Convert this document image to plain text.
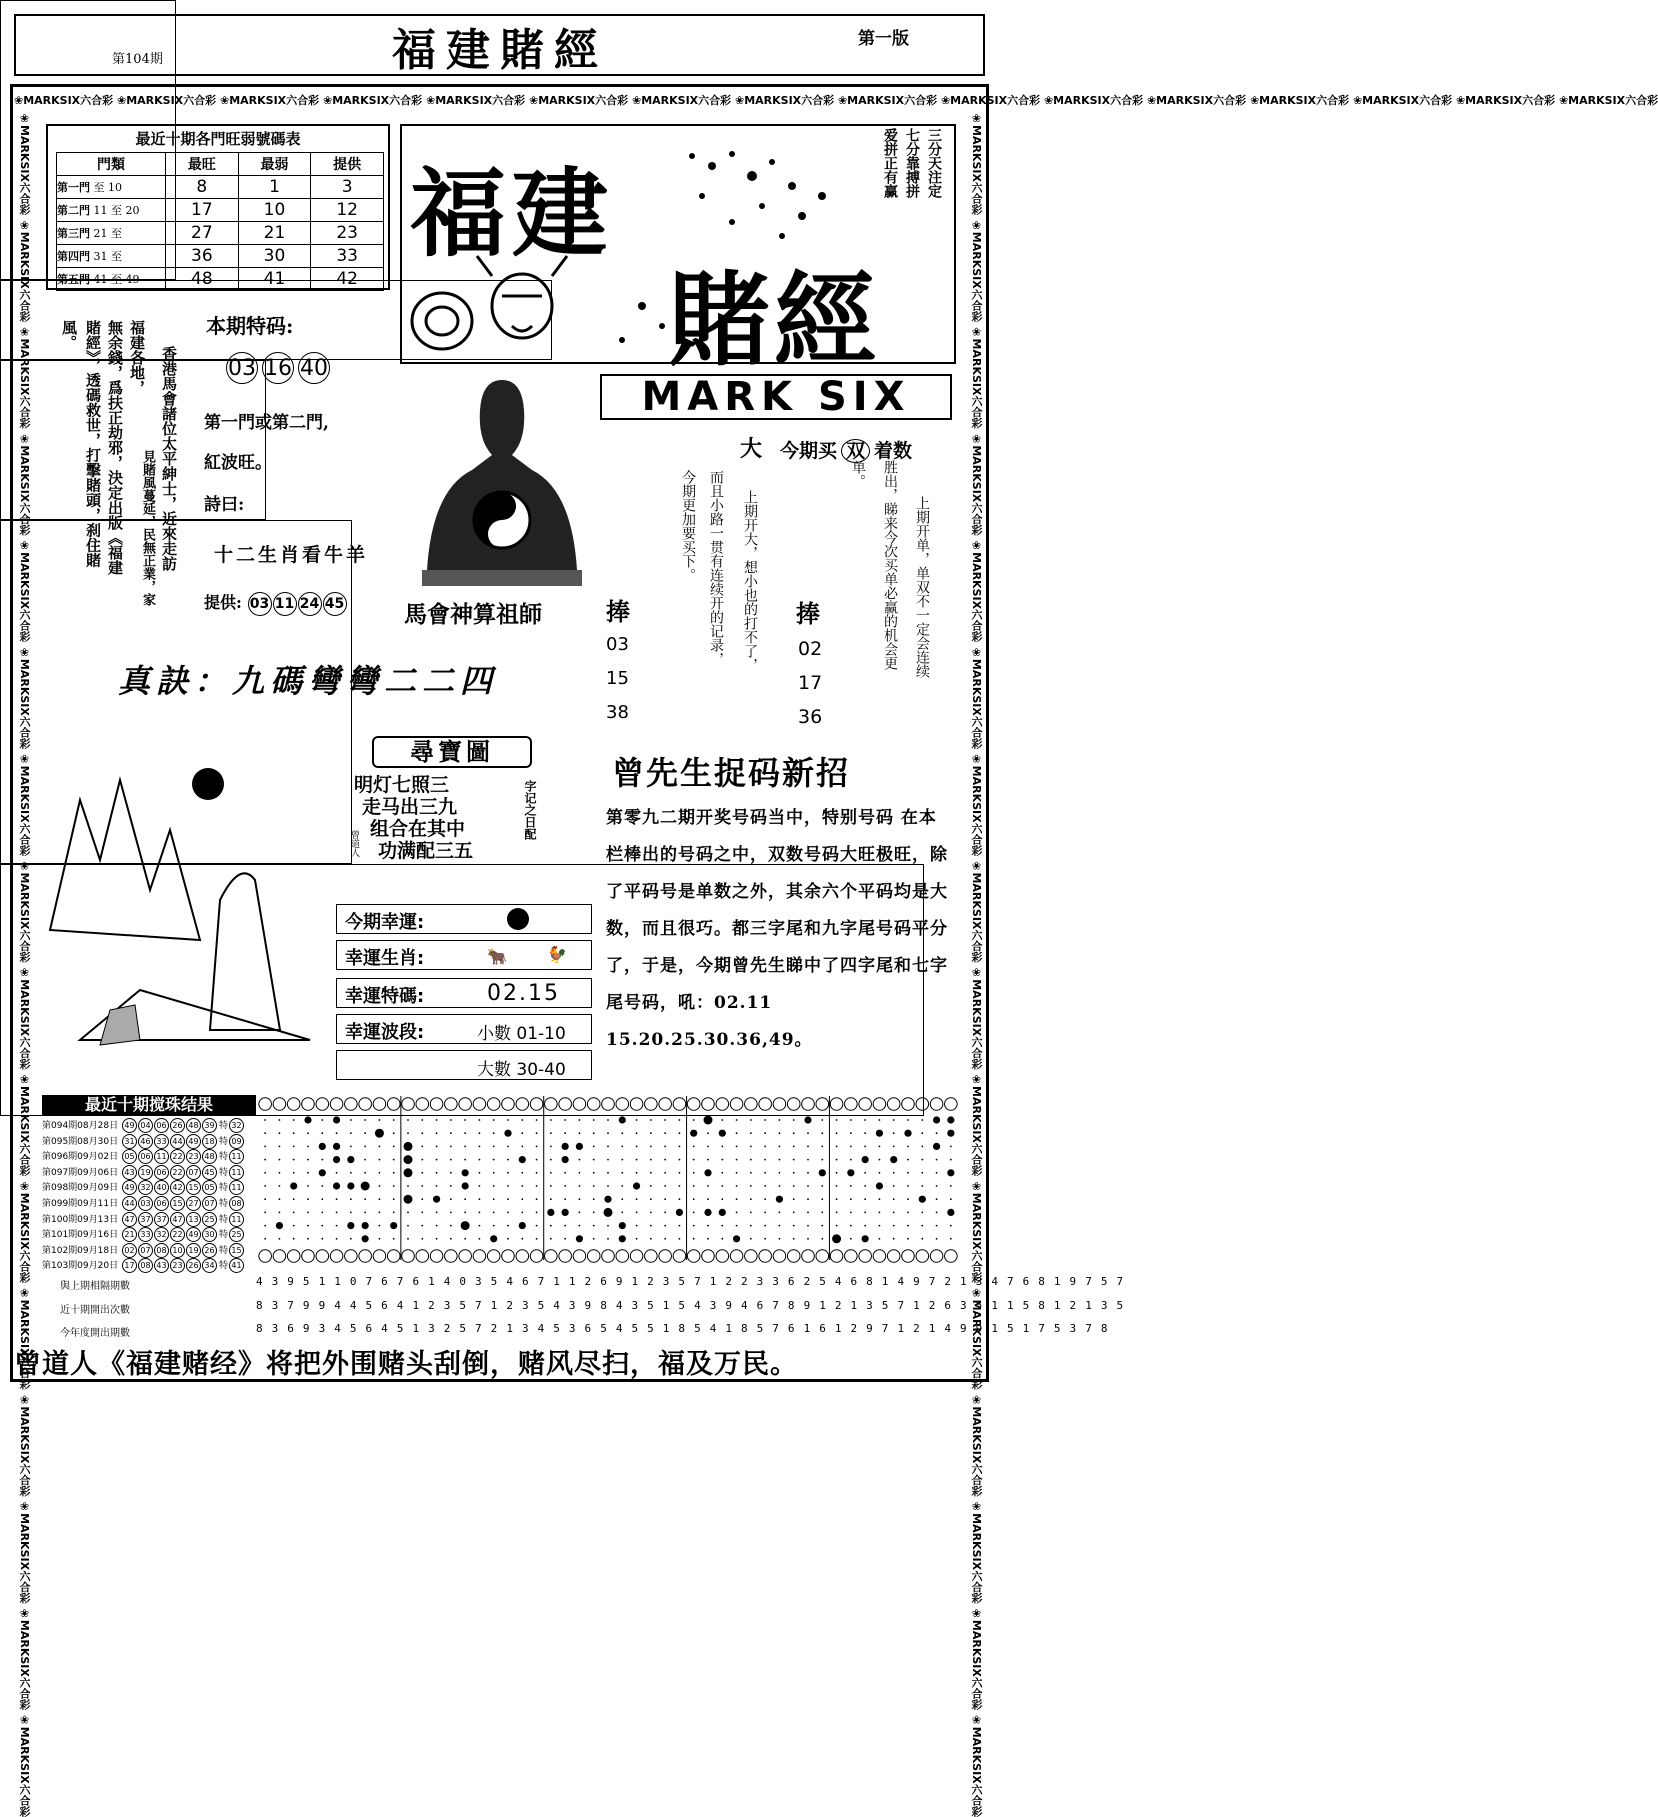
福建賭經
第104期
第一版
❀MARKSIX六合彩 ❀MARKSIX六合彩 ❀MARKSIX六合彩 ❀MARKSIX六合彩 ❀MARKSIX六合彩 ❀MARKSIX六合彩 ❀MARKSIX六合彩 ❀MARKSIX六合彩 ❀MARKSIX六合彩 ❀MARKSIX六合彩 ❀MARKSIX六合彩 ❀MARKSIX六合彩 ❀MARKSIX六合彩 ❀MARKSIX六合彩 ❀MARKSIX六合彩 ❀MARKSIX六合彩
❀MARKSIX六合彩 ❀MARKSIX六合彩 ❀MARKSIX六合彩 ❀MARKSIX六合彩 ❀MARKSIX六合彩 ❀MARKSIX六合彩 ❀MARKSIX六合彩 ❀MARKSIX六合彩 ❀MARKSIX六合彩 ❀MARKSIX六合彩 ❀MARKSIX六合彩 ❀MARKSIX六合彩 ❀MARKSIX六合彩 ❀MARKSIX六合彩 ❀MARKSIX六合彩 ❀MARKSIX六合彩	❀MARKSIX六合彩 ❀MARKSIX六合彩 ❀MARKSIX六合彩 ❀MARKSIX六合彩 ❀MARKSIX六合彩 ❀MARKSIX六合彩 ❀MARKSIX六合彩 ❀MARKSIX六合彩 ❀MARKSIX六合彩 ❀MARKSIX六合彩 ❀MARKSIX六合彩 ❀MARKSIX六合彩 ❀MARKSIX六合彩 ❀MARKSIX六合彩 ❀MARKSIX六合彩 ❀MARKSIX六合彩
最近十期各門旺弱號碼表
門類	最旺	最弱	提供
第一門 至 10	8	1	3
第二門 11 至 20	17	10	12
第三門 21 至	27	21	23
第四門 31 至	36	30	33
第五門 41 至 49	48	41	42
福建
賭經
三分天注定
七分靠搏拼
爱拼正有赢
MARK SIX
福建各地， 香港馬會諸位太平紳士，近來走訪
無余錢，爲扶正劫邪，決定出版《福建
賭經》，透碼救世，打擊賭頭，刹住賭
風。
見賭風蔓延，民無正業，家
本期特码:
03 16 40
第一門或第二門,
紅波旺。
詩曰:
十二生肖看牛羊
提供: 03 11 24 45	馬會神算祖師
大 今期买 双 着数
今期更加要买下。 而且小路一贯有连续开的记录， 上期开大，想小也的打不了，
单。 胜出，睇来今次买单必赢的机会更 上期开单，单双不一定会连续
捧
03
15
38
捧
02
17
36
真訣：九碼彎彎二二四
尋寶圖
明灯七照三
走马出三九
组合在其中
功满配三五
字记之日配
曾道人
今期幸運:
幸運生肖:	🐂	🐓
幸運特碼:	02.15
幸運波段:	小數 01-10
大數 30-40
曾先生捉码新招
第零九二期开奖号码当中，特别号码 在本栏棒出的号码之中，双数号码大旺极旺，除了平码号是单数之外，其余六个平码均是大数，而且很巧。都三字尾和九字尾号码平分了，于是，今期曾先生睇中了四字尾和七字尾号码，吼：02.11 15.20.25.30.36,49。
最近十期搅珠结果
第094期08月28日 49 04 06 26 48 39 特 32
第095期08月30日 31 46 33 44 49 18 特 09
第096期09月02日 05 06 11 22 23 48 特 11
第097期09月06日 43 19 06 22 07 45 特 11
第098期09月09日 49 32 40 42 15 05 特 11
第099期09月11日 44 03 06 15 27 07 特 08
第100期09月13日 47 37 37 47 13 25 特 11
第101期09月16日 21 33 32 22 49 30 特 25
第102期09月18日 02 07 08 10 19 26 特 15
第103期09月20日 17 08 43 23 26 34 特 41
與上期相隔期數	4 3 9 5 1 1 0 7 6 7 6 1 4 0 3 5 4 6 7 1 1 2 6 9 1 2 3 5 7 1 2 2 3 3 6 2 5 4 6 8 1 4 9 7 2 1 3 4 7 6 8 1 9 7 5 7
近十期開出次數	8 3 7 9 9 4 4 5 6 4 1 2 3 5 7 1 2 3 5 4 3 9 8 4 3 5 1 5 4 3 9 4 6 7 8 9 1 2 1 3 5 7 1 2 6 3 5 1 1 5 8 1 2 1 3 5
今年度開出期數	8 3 6 9 3 4 5 6 4 5 1 3 2 5 7 2 1 3 4 5 3 6 5 4 5 5 1 8 5 4 1 8 5 7 6 1 6 1 2 9 7 1 2 1 4 9 9 1 5 1 7 5 3 7 8
曾道人《福建赌经》将把外围赌头刮倒，赌风尽扫，福及万民。
